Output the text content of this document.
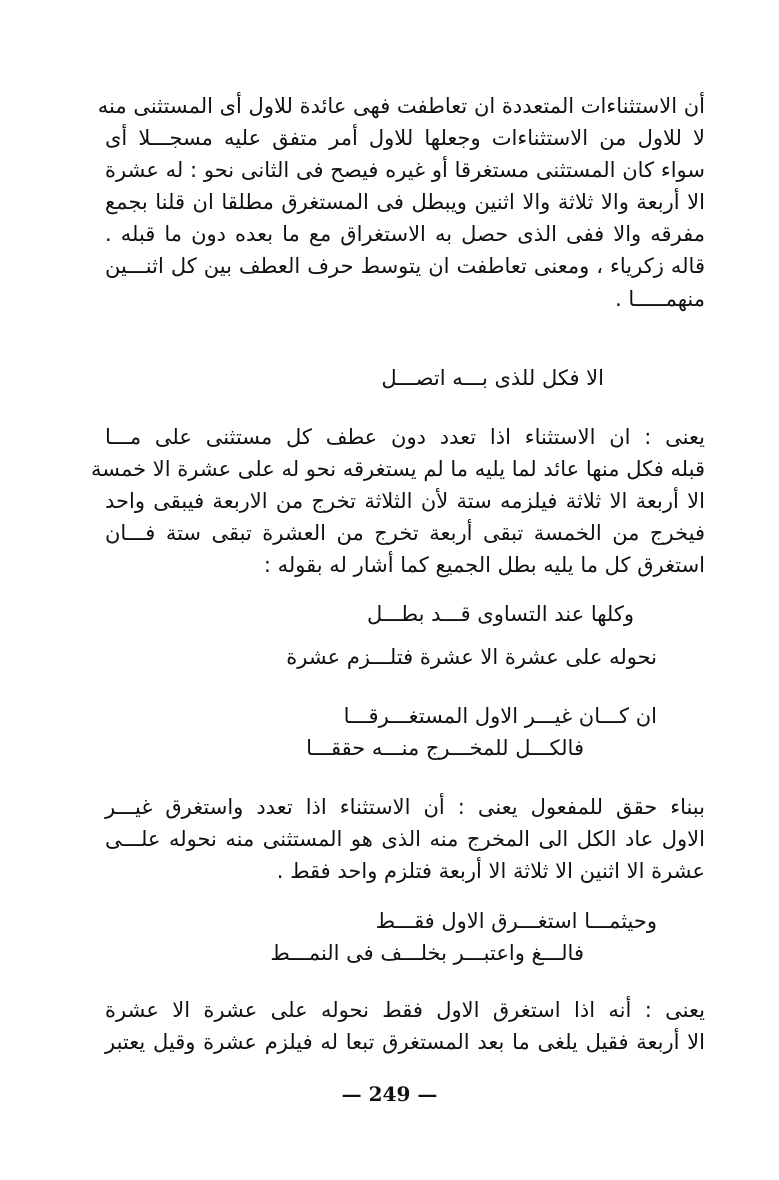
أن الاستثناءات المتعددة ان تعاطفت فهى عائدة للاول أى المستثنى منه
لا للاول من الاستثناءات وجعلها للاول أمر متفق عليه مسجـــلا أى
سواء كان المستثنى مستغرقا أو غيره فيصح فى الثانى نحو : له عشرة
الا أربعة والا ثلاثة والا اثنين ويبطل فى المستغرق مطلقا ان قلنا بجمع
مفرقه والا ففى الذى حصل به الاستغراق مع ما بعده دون ما قبله .
قاله زكرياء ، ومعنى تعاطفت ان يتوسط حرف العطف بين كل اثنـــين
منهمـــــا .
الا فكل للذى بـــه اتصـــل
يعنى : ان الاستثناء اذا تعدد دون عطف كل مستثنى على مـــا
قبله فكل منها عائد لما يليه ما لم يستغرقه نحو له على عشرة الا خمسة
الا أربعة الا ثلاثة فيلزمه ستة لأن الثلاثة تخرج من الاربعة فيبقى واحد
فيخرج من الخمسة تبقى أربعة تخرج من العشرة تبقى ستة فـــان
استغرق كل ما يليه بطل الجميع كما أشار له بقوله :
وكلها عند التساوى قـــد بطـــل
نحوله على عشرة الا عشرة فتلـــزم عشرة
ان كـــان غيـــر الاول المستغـــرقـــا
فالكـــل للمخـــرج منـــه حققـــا
ببناء حقق للمفعول يعنى : أن الاستثناء اذا تعدد واستغرق غيـــر
الاول عاد الكل الى المخرج منه الذى هو المستثنى منه نحوله علـــى
عشرة الا اثنين الا ثلاثة الا أربعة فتلزم واحد فقط .
وحيثمـــا استغـــرق الاول فقـــط
فالـــغ واعتبـــر بخلـــف فى النمـــط
يعنى : أنه اذا استغرق الاول فقط نحوله على عشرة الا عشرة
الا أربعة فقيل يلغى ما بعد المستغرق تبعا له فيلزم عشرة وقيل يعتبر
— 249 —
